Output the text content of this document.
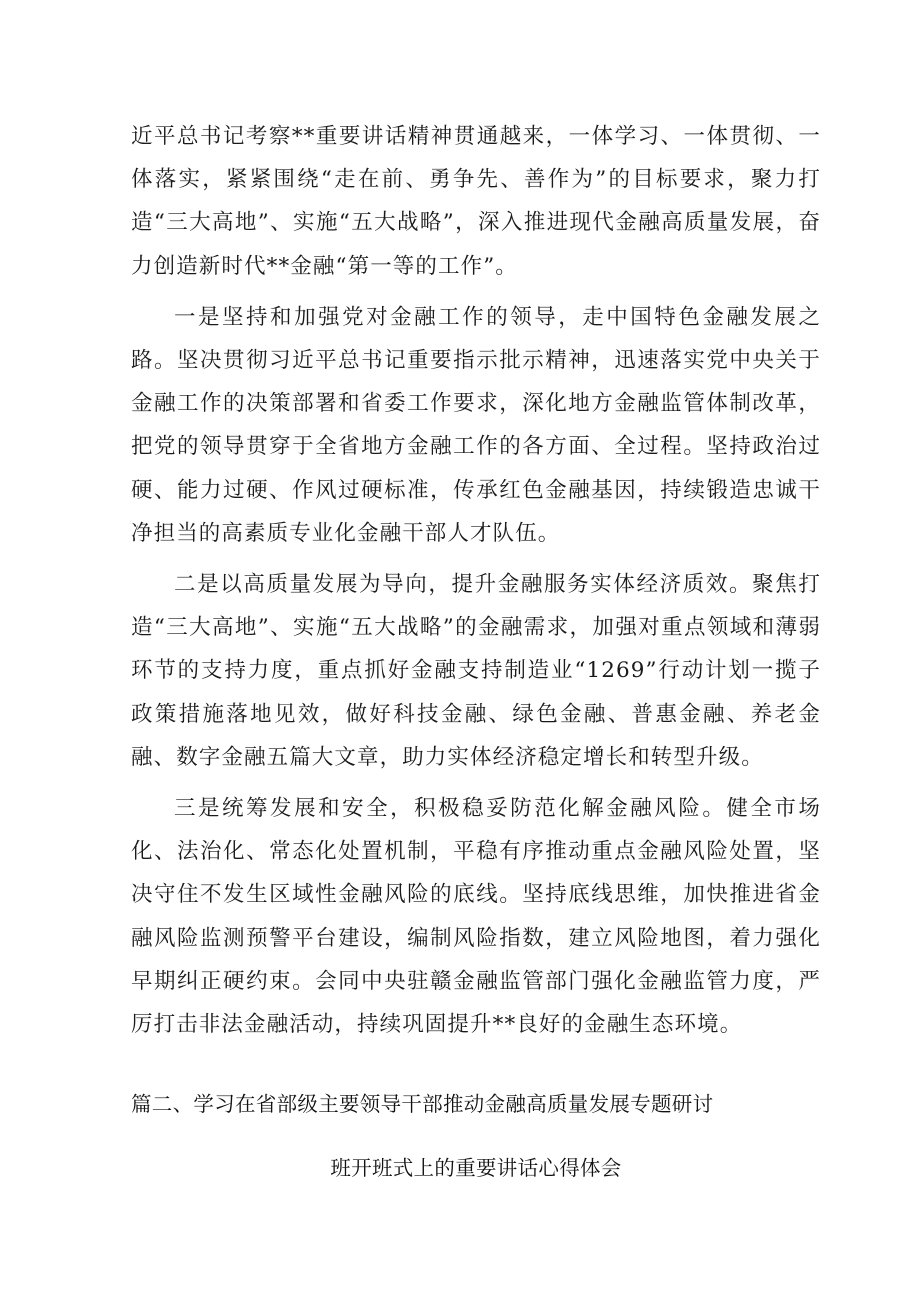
近平总书记考察**重要讲话精神贯通越来，一体学习、一体贯彻、一体落实，紧紧围绕“走在前、勇争先、善作为”的目标要求，聚力打造“三大高地”、实施“五大战略”，深入推进现代金融高质量发展，奋力创造新时代**金融“第一等的工作”。

一是坚持和加强党对金融工作的领导，走中国特色金融发展之路。坚决贯彻习近平总书记重要指示批示精神，迅速落实党中央关于金融工作的决策部署和省委工作要求，深化地方金融监管体制改革，把党的领导贯穿于全省地方金融工作的各方面、全过程。坚持政治过硬、能力过硬、作风过硬标准，传承红色金融基因，持续锻造忠诚干净担当的高素质专业化金融干部人才队伍。

二是以高质量发展为导向，提升金融服务实体经济质效。聚焦打造“三大高地”、实施“五大战略”的金融需求，加强对重点领域和薄弱环节的支持力度，重点抓好金融支持制造业“1269”行动计划一揽子政策措施落地见效，做好科技金融、绿色金融、普惠金融、养老金融、数字金融五篇大文章，助力实体经济稳定增长和转型升级。

三是统筹发展和安全，积极稳妥防范化解金融风险。健全市场化、法治化、常态化处置机制，平稳有序推动重点金融风险处置，坚决守住不发生区域性金融风险的底线。坚持底线思维，加快推进省金融风险监测预警平台建设，编制风险指数，建立风险地图，着力强化早期纠正硬约束。会同中央驻赣金融监管部门强化金融监管力度，严厉打击非法金融活动，持续巩固提升**良好的金融生态环境。

篇二、学习在省部级主要领导干部推动金融高质量发展专题研讨
班开班式上的重要讲话心得体会
